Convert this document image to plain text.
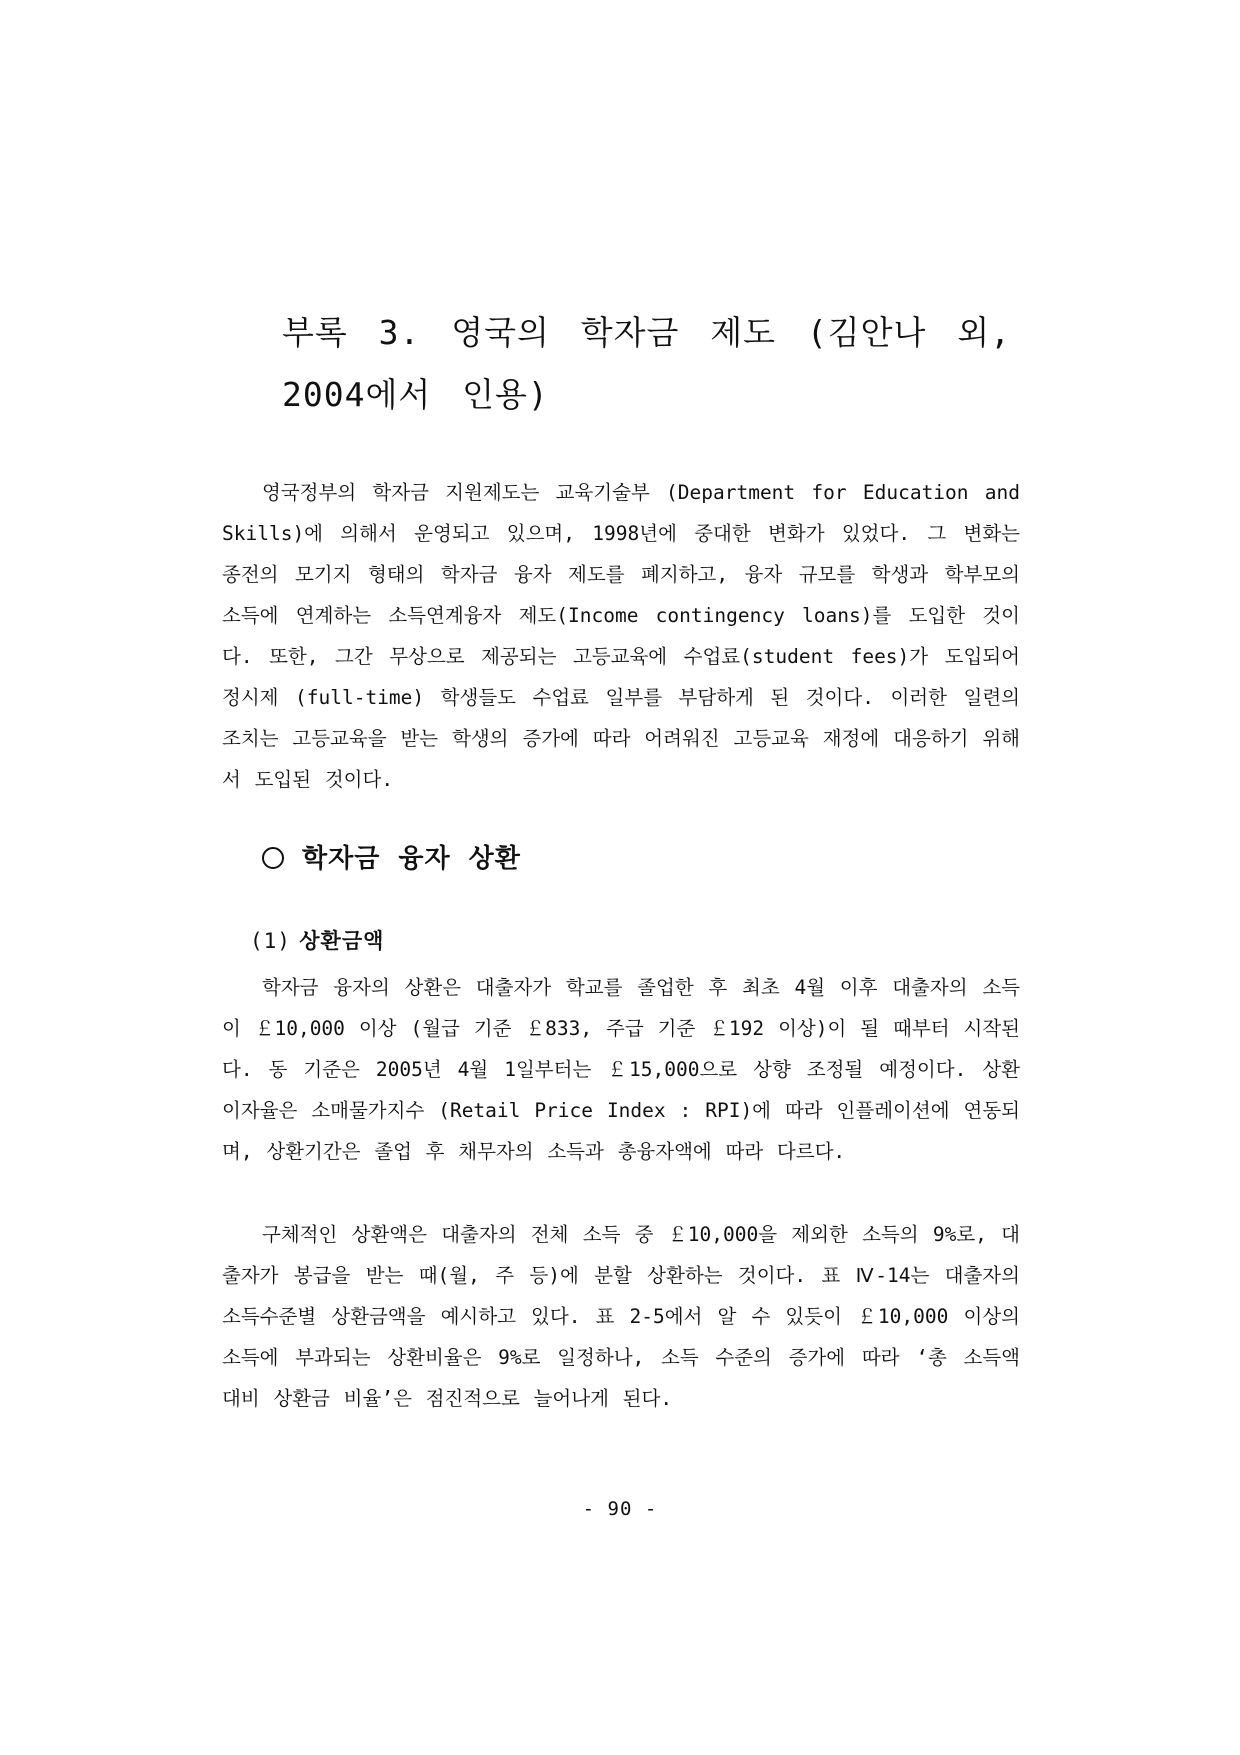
부록 3. 영국의 학자금 제도 (김안나 외, 2004에서 인용)

영국정부의 학자금 지원제도는 교육기술부 (Department for Education and Skills)에 의해서 운영되고 있으며, 1998년에 중대한 변화가 있었다. 그 변화는 종전의 모기지 형태의 학자금 융자 제도를 폐지하고, 융자 규모를 학생과 학부모의 소득에 연계하는 소득연계융자 제도(Income contingency loans)를 도입한 것이다. 또한, 그간 무상으로 제공되는 고등교육에 수업료(student fees)가 도입되어 정시제 (full-time) 학생들도 수업료 일부를 부담하게 된 것이다. 이러한 일련의 조치는 고등교육을 받는 학생의 증가에 따라 어려워진 고등교육 재정에 대응하기 위해서 도입된 것이다.

학자금 융자 상환
(1) 상환금액

학자금 융자의 상환은 대출자가 학교를 졸업한 후 최초 4월 이후 대출자의 소득이 ￡10,000 이상 (월급 기준 ￡833, 주급 기준 ￡192 이상)이 될 때부터 시작된다. 동 기준은 2005년 4월 1일부터는 ￡15,000으로 상향 조정될 예정이다. 상환 이자율은 소매물가지수 (Retail Price Index : RPI)에 따라 인플레이션에 연동되며, 상환기간은 졸업 후 채무자의 소득과 총융자액에 따라 다르다.

구체적인 상환액은 대출자의 전체 소득 중 ￡10,000을 제외한 소득의 9%로, 대출자가 봉급을 받는 때(월, 주 등)에 분할 상환하는 것이다. 표 Ⅳ-14는 대출자의 소득수준별 상환금액을 예시하고 있다. 표 2-5에서 알 수 있듯이 ￡10,000 이상의 소득에 부과되는 상환비율은 9%로 일정하나, 소득 수준의 증가에 따라 ‘총 소득액 대비 상환금 비율’은 점진적으로 늘어나게 된다.

- 90 -
